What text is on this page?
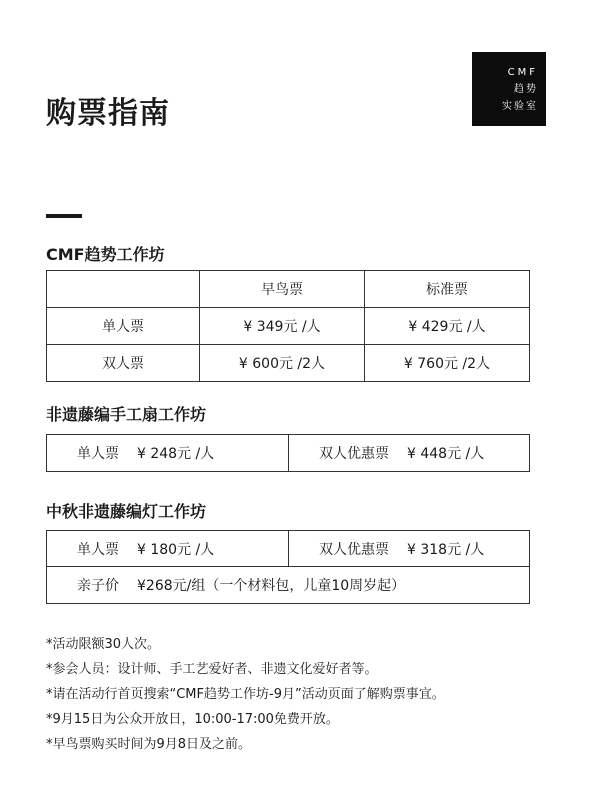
CMF
趋势
实验室
购票指南
CMF趋势工作坊
	早鸟票	标准票
单人票	¥ 349元 /人	¥ 429元 /人
双人票	¥ 600元 /2人	¥ 760元 /2人
非遗藤编手工扇工作坊
单人票 ¥ 248元 /人	双人优惠票 ¥ 448元 /人
中秋非遗藤编灯工作坊
单人票 ¥ 180元 /人	双人优惠票 ¥ 318元 /人
亲子价 ¥268元/组（一个材料包，儿童10周岁起）
*活动限额30人次。
*参会人员：设计师、手工艺爱好者、非遗文化爱好者等。
*请在活动行首页搜索“CMF趋势工作坊-9月”活动页面了解购票事宜。
*9月15日为公众开放日，10:00-17:00免费开放。
*早鸟票购买时间为9月8日及之前。
